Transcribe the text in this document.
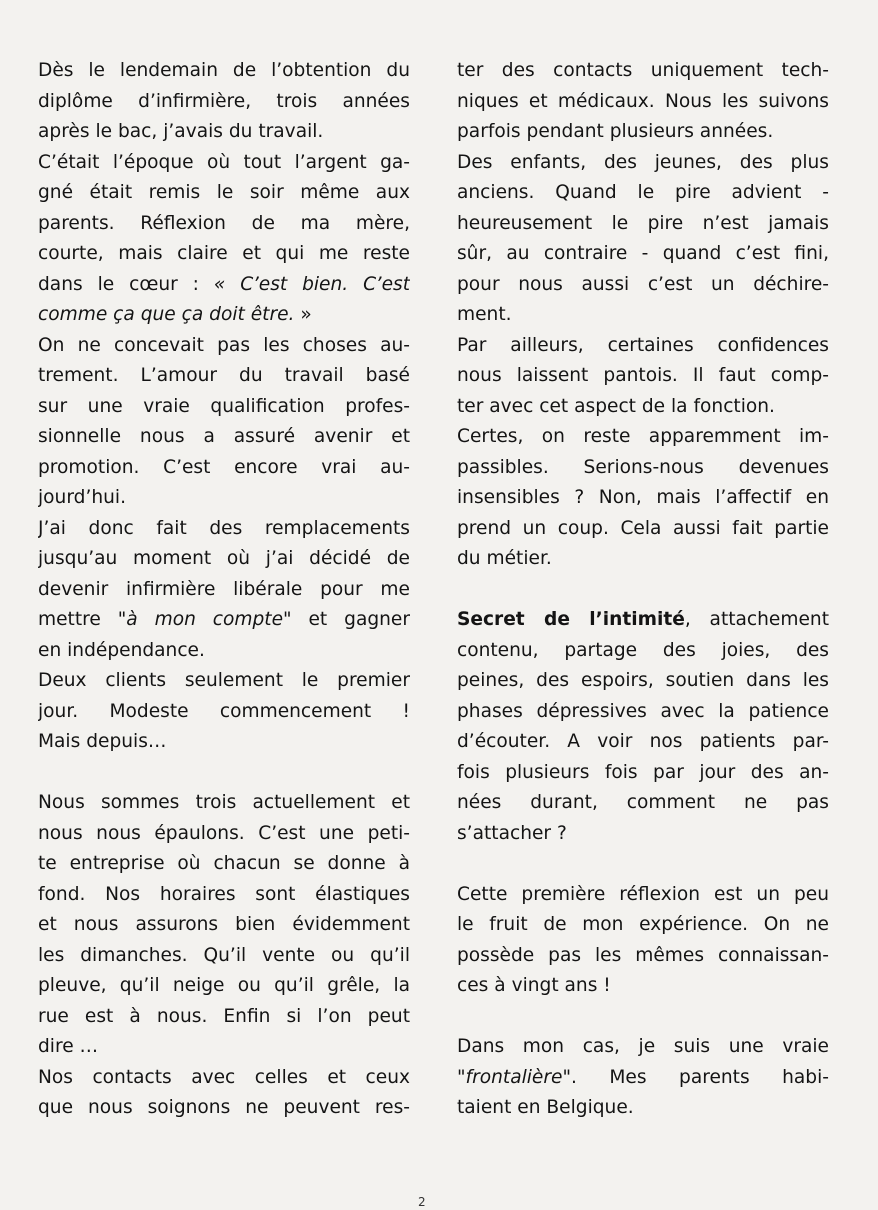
Dès le lendemain de l’obtention du
diplôme d’infirmière, trois années
après le bac, j’avais du travail.
C’était l’époque où tout l’argent ga-
gné était remis le soir même aux
parents. Réflexion de ma mère,
courte, mais claire et qui me reste
dans le cœur : « C’est bien. C’est
comme ça que ça doit être. »
On ne concevait pas les choses au-
trement. L’amour du travail basé
sur une vraie qualification profes-
sionnelle nous a assuré avenir et
promotion. C’est encore vrai au-
jourd’hui.
J’ai donc fait des remplacements
jusqu’au moment où j’ai décidé de
devenir infirmière libérale pour me
mettre "à mon compte" et gagner
en indépendance.
Deux clients seulement le premier
jour. Modeste commencement !
Mais depuis…
Nous sommes trois actuellement et
nous nous épaulons. C’est une peti-
te entreprise où chacun se donne à
fond. Nos horaires sont élastiques
et nous assurons bien évidemment
les dimanches. Qu’il vente ou qu’il
pleuve, qu’il neige ou qu’il grêle, la
rue est à nous. Enfin si l’on peut
dire …
Nos contacts avec celles et ceux
que nous soignons ne peuvent res-
ter des contacts uniquement tech-
niques et médicaux. Nous les suivons
parfois pendant plusieurs années.
Des enfants, des jeunes, des plus
anciens. Quand le pire advient -
heureusement le pire n’est jamais
sûr, au contraire - quand c’est fini,
pour nous aussi c’est un déchire-
ment.
Par ailleurs, certaines confidences
nous laissent pantois. Il faut comp-
ter avec cet aspect de la fonction.
Certes, on reste apparemment im-
passibles. Serions-nous devenues
insensibles ? Non, mais l’affectif en
prend un coup. Cela aussi fait partie
du métier.
Secret de l’intimité, attachement
contenu, partage des joies, des
peines, des espoirs, soutien dans les
phases dépressives avec la patience
d’écouter. A voir nos patients par-
fois plusieurs fois par jour des an-
nées durant, comment ne pas
s’attacher ?
Cette première réflexion est un peu
le fruit de mon expérience. On ne
possède pas les mêmes connaissan-
ces à vingt ans !
Dans mon cas, je suis une vraie
"frontalière". Mes parents habi-
taient en Belgique.
2
